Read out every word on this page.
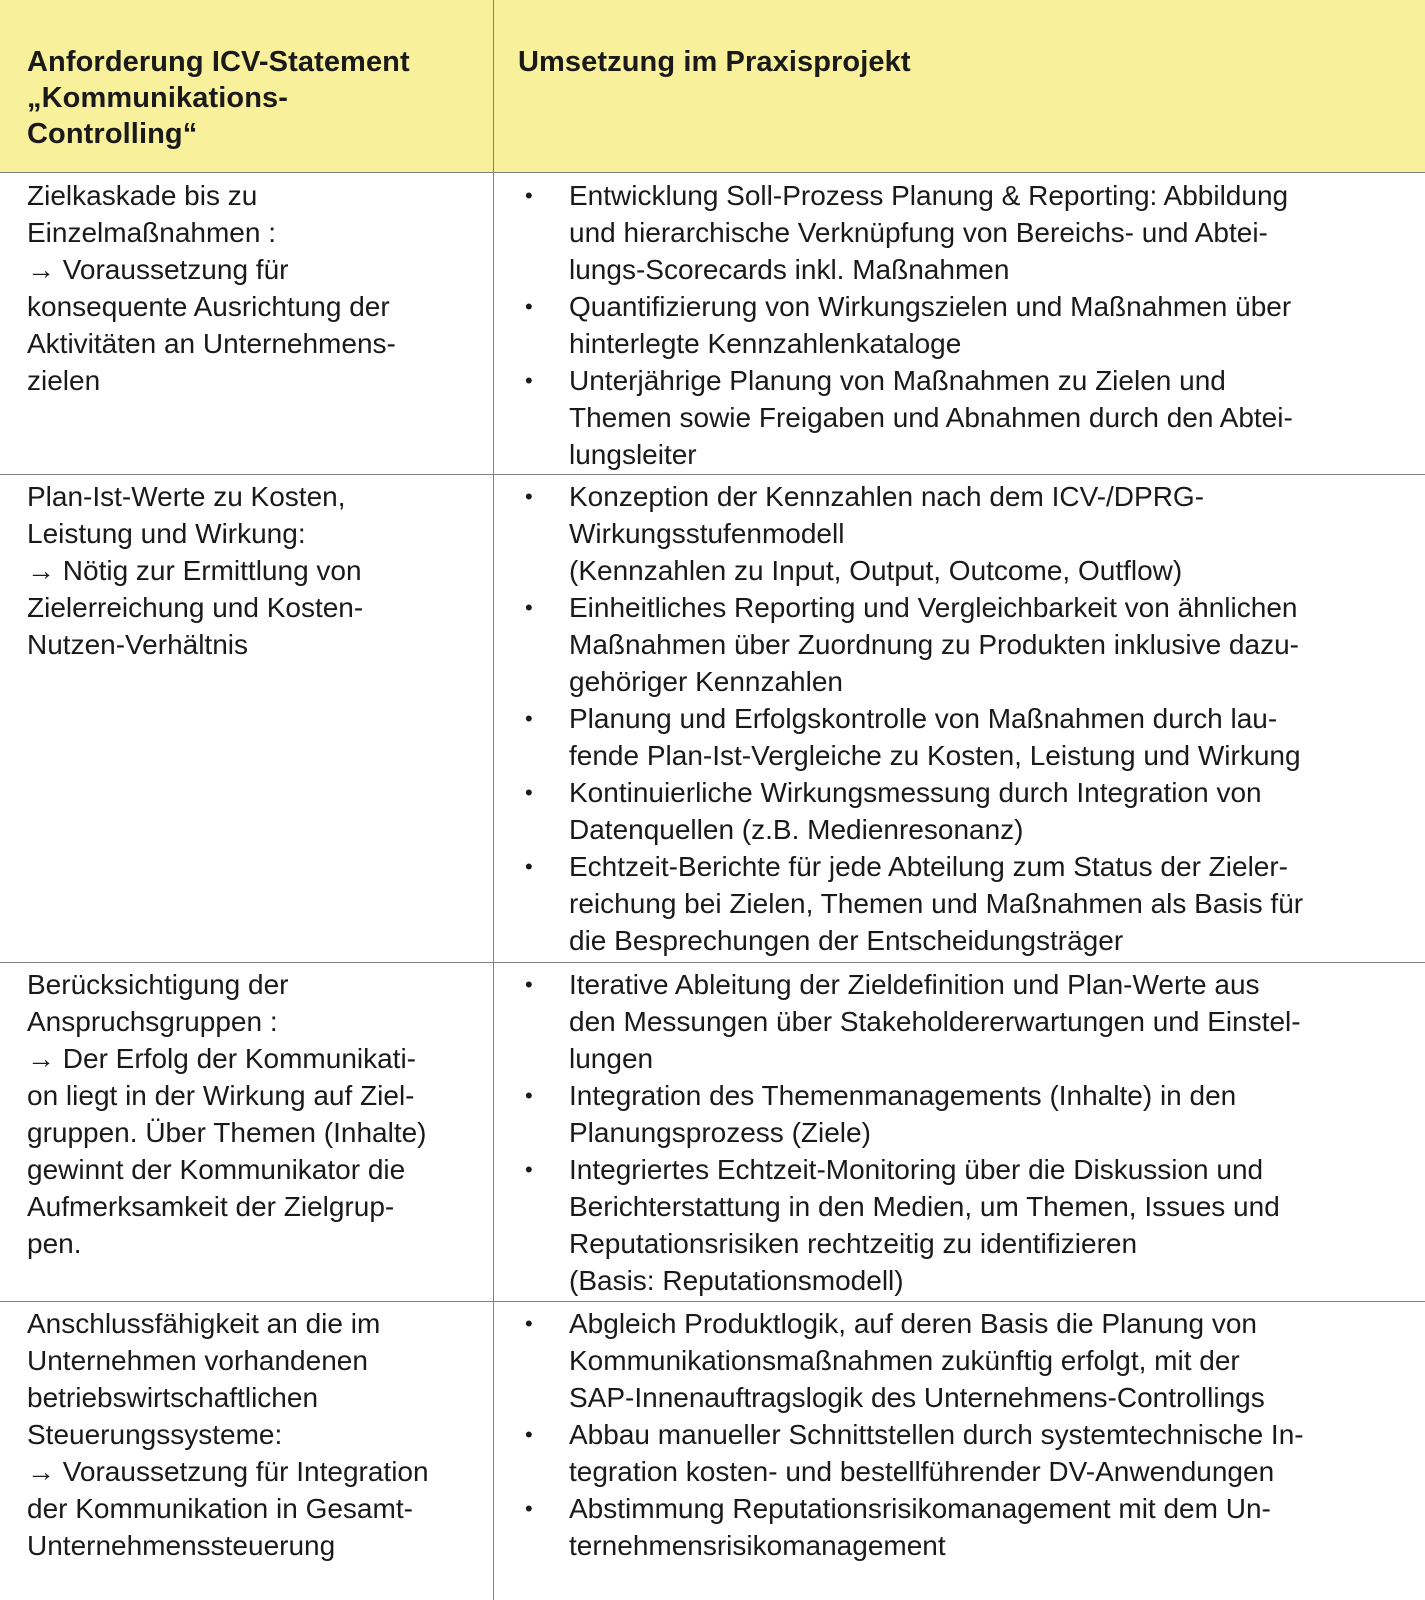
Anforderung ICV-Statement
„Kommunikations-
Controlling“
Umsetzung im Praxisprojekt
Zielkaskade bis zu
Einzelmaßnahmen :
→ Voraussetzung für
konsequente Ausrichtung der
Aktivitäten an Unternehmens-
zielen
• Entwicklung Soll-Prozess Planung & Reporting: Abbildung
und hierarchische Verknüpfung von Bereichs- und Abtei-
lungs-Scorecards inkl. Maßnahmen
• Quantifizierung von Wirkungszielen und Maßnahmen über
hinterlegte Kennzahlenkataloge
• Unterjährige Planung von Maßnahmen zu Zielen und
Themen sowie Freigaben und Abnahmen durch den Abtei-
lungsleiter
Plan-Ist-Werte zu Kosten,
Leistung und Wirkung:
→ Nötig zur Ermittlung von
Zielerreichung und Kosten-
Nutzen-Verhältnis
• Konzeption der Kennzahlen nach dem ICV-/DPRG-
Wirkungsstufenmodell
(Kennzahlen zu Input, Output, Outcome, Outflow)
• Einheitliches Reporting und Vergleichbarkeit von ähnlichen
Maßnahmen über Zuordnung zu Produkten inklusive dazu-
gehöriger Kennzahlen
• Planung und Erfolgskontrolle von Maßnahmen durch lau-
fende Plan-Ist-Vergleiche zu Kosten, Leistung und Wirkung
• Kontinuierliche Wirkungsmessung durch Integration von
Datenquellen (z.B. Medienresonanz)
• Echtzeit-Berichte für jede Abteilung zum Status der Zieler-
reichung bei Zielen, Themen und Maßnahmen als Basis für
die Besprechungen der Entscheidungsträger
Berücksichtigung der
Anspruchsgruppen :
→ Der Erfolg der Kommunikati-
on liegt in der Wirkung auf Ziel-
gruppen. Über Themen (Inhalte)
gewinnt der Kommunikator die
Aufmerksamkeit der Zielgrup-
pen.
• Iterative Ableitung der Zieldefinition und Plan-Werte aus
den Messungen über Stakeholdererwartungen und Einstel-
lungen
• Integration des Themenmanagements (Inhalte) in den
Planungsprozess (Ziele)
• Integriertes Echtzeit-Monitoring über die Diskussion und
Berichterstattung in den Medien, um Themen, Issues und
Reputationsrisiken rechtzeitig zu identifizieren
(Basis: Reputationsmodell)
Anschlussfähigkeit an die im
Unternehmen vorhandenen
betriebswirtschaftlichen
Steuerungssysteme:
→ Voraussetzung für Integration
der Kommunikation in Gesamt-
Unternehmenssteuerung
• Abgleich Produktlogik, auf deren Basis die Planung von
Kommunikationsmaßnahmen zukünftig erfolgt, mit der
SAP-Innenauftragslogik des Unternehmens-Controllings
• Abbau manueller Schnittstellen durch systemtechnische In-
tegration kosten- und bestellführender DV-Anwendungen
• Abstimmung Reputationsrisikomanagement mit dem Un-
ternehmensrisikomanagement
